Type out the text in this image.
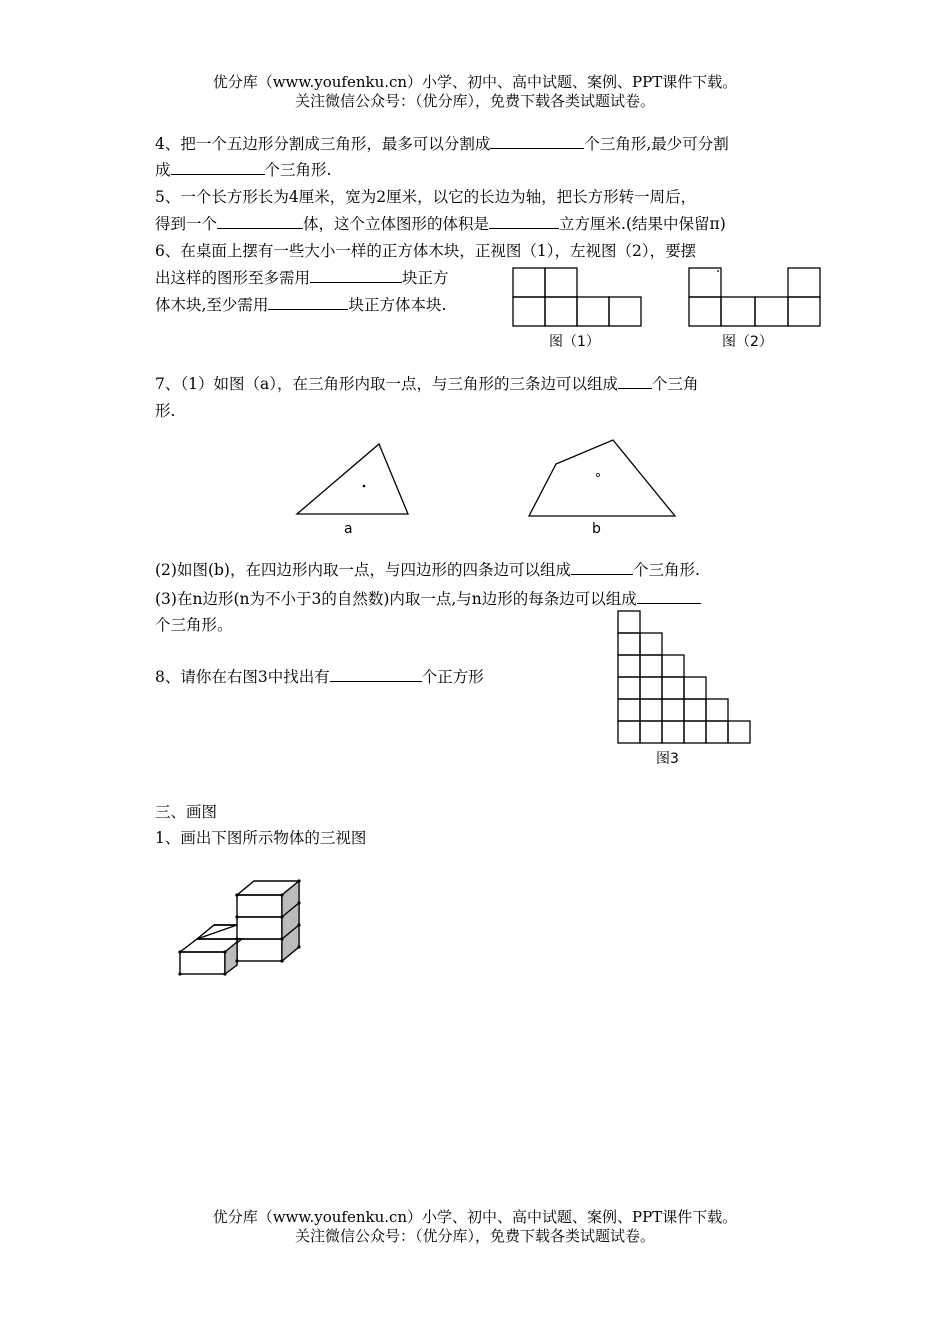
优分库（www.youfenku.cn）小学、初中、高中试题、案例、PPT课件下载。
关注微信公众号：（优分库），免费下载各类试题试卷。
4、把一个五边形分割成三角形，最多可以分割成	个三角形,最少可分割
成	个三角形.
5、一个长方形长为4厘米，宽为2厘米，以它的长边为轴，把长方形转一周后，
得到一个	体，这个立体图形的体积是	立方厘米.(结果中保留π)
6、在桌面上摆有一些大小一样的正方体木块，正视图（1），左视图（2），要摆
出这样的图形至多需用	块正方
体木块,至少需用	块正方体本块.
图（1）	图（2）
7、（1）如图（a），在三角形内取一点，与三角形的三条边可以组成 个三角
形.
a	b
(2)如图(b)，在四边形内取一点，与四边形的四条边可以组成	个三角形.
(3)在n边形(n为不小于3的自然数)内取一点,与n边形的每条边可以组成
个三角形。
8、请你在右图3中找出有	个正方形
图3
三、画图
1、画出下图所示物体的三视图
优分库（www.youfenku.cn）小学、初中、高中试题、案例、PPT课件下载。
关注微信公众号：（优分库），免费下载各类试题试卷。
